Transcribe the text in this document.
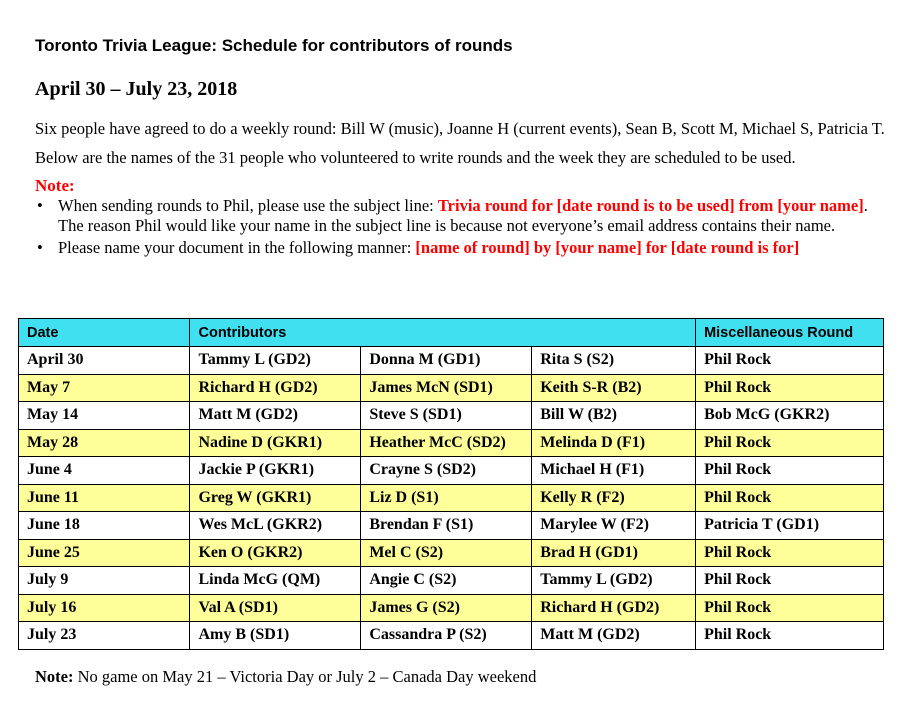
Toronto Trivia League: Schedule for contributors of rounds
April 30 – July 23, 2018

Six people have agreed to do a weekly round: Bill W (music), Joanne H (current events), Sean B, Scott M, Michael S, Patricia T.

Below are the names of the 31 people who volunteered to write rounds and the week they are scheduled to be used.

Note:
• When sending rounds to Phil, please use the subject line: Trivia round for [date round is to be used] from [your name]. The reason Phil would like your name in the subject line is because not everyone’s email address contains their name.
• Please name your document in the following manner: [name of round] by [your name] for [date round is for]
Date	Contributors			Miscellaneous Round
April 30	Tammy L (GD2)	Donna M (GD1)	Rita S (S2)	Phil Rock
May 7	Richard H (GD2)	James McN (SD1)	Keith S-R (B2)	Phil Rock
May 14	Matt M (GD2)	Steve S (SD1)	Bill W (B2)	Bob McG (GKR2)
May 28	Nadine D (GKR1)	Heather McC (SD2)	Melinda D (F1)	Phil Rock
June 4	Jackie P (GKR1)	Crayne S (SD2)	Michael H (F1)	Phil Rock
June 11	Greg W (GKR1)	Liz D (S1)	Kelly R (F2)	Phil Rock
June 18	Wes McL (GKR2)	Brendan F (S1)	Marylee W (F2)	Patricia T (GD1)
June 25	Ken O (GKR2)	Mel C (S2)	Brad H (GD1)	Phil Rock
July 9	Linda McG (QM)	Angie C (S2)	Tammy L (GD2)	Phil Rock
July 16	Val A (SD1)	James G (S2)	Richard H (GD2)	Phil Rock
July 23	Amy B (SD1)	Cassandra P (S2)	Matt M (GD2)	Phil Rock
Note: No game on May 21 – Victoria Day or July 2 – Canada Day weekend
